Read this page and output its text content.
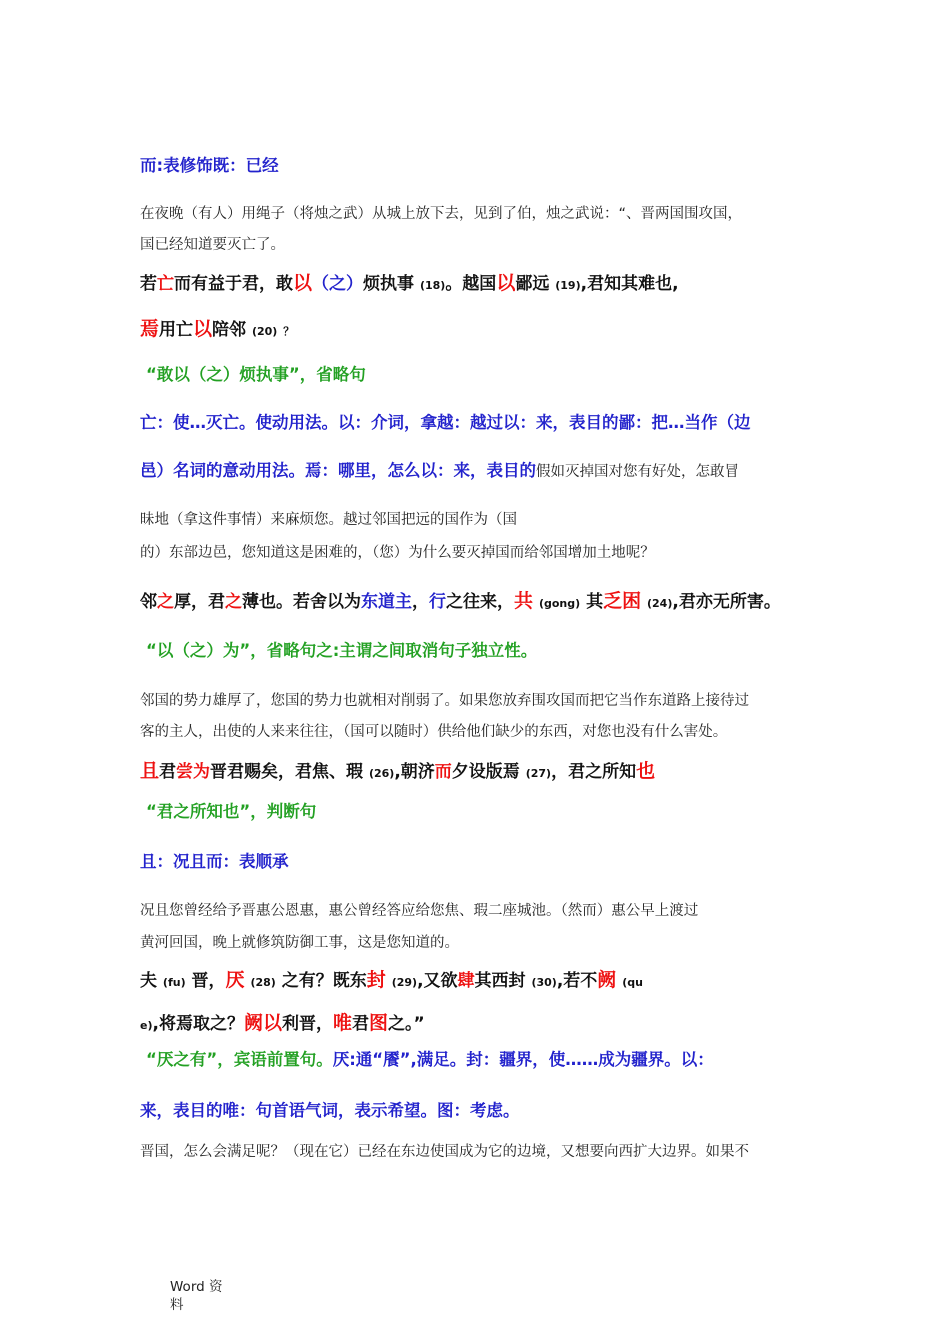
而:表修饰既：已经
在夜晚（有人）用绳子（将烛之武）从城上放下去，见到了伯，烛之武说：“、晋两国围攻国，
国已经知道要灭亡了。
若亡而有益于君，敢以（之）烦执事 (18)。越国以鄙远 (19),君知其难也,
焉用亡以陪邻 (20) ？
“敢以（之）烦执事”，省略句
亡：使…灭亡。使动用法。以：介词，拿越：越过以：来，表目的鄙：把…当作（边
邑）名词的意动用法。焉：哪里，怎么以：来，表目的假如灭掉国对您有好处，怎敢冒
昧地（拿这件事情）来麻烦您。越过邻国把远的国作为（国
的）东部边邑，您知道这是困难的，（您）为什么要灭掉国而给邻国增加土地呢？
邻之厚，君之薄也。若舍以为东道主，行之往来，共 (gong) 其乏困 (24),君亦无所害。
“以（之）为”，省略句之:主谓之间取消句子独立性。
邻国的势力雄厚了，您国的势力也就相对削弱了。如果您放弃围攻国而把它当作东道路上接待过
客的主人，出使的人来来往往，（国可以随时）供给他们缺少的东西，对您也没有什么害处。
且君尝为晋君赐矣，君焦、瑕 (26),朝济而夕设版焉 (27)，君之所知也
“君之所知也”，判断句
且：况且而：表顺承
况且您曾经给予晋惠公恩惠，惠公曾经答应给您焦、瑕二座城池。（然而）惠公早上渡过
黄河回国，晚上就修筑防御工事，这是您知道的。
夫 (fu) 晋，厌 (28) 之有？既东封 (29),又欲肆其西封 (30),若不阙 (qu
e),将焉取之？阙以利晋，唯君图之。”
“厌之有”，宾语前置句。厌:通“餍”,满足。封：疆界，使……成为疆界。以：
来，表目的唯：句首语气词，表示希望。图：考虑。
晋国，怎么会满足呢？（现在它）已经在东边使国成为它的边境，又想要向西扩大边界。如果不
Word 资
料
